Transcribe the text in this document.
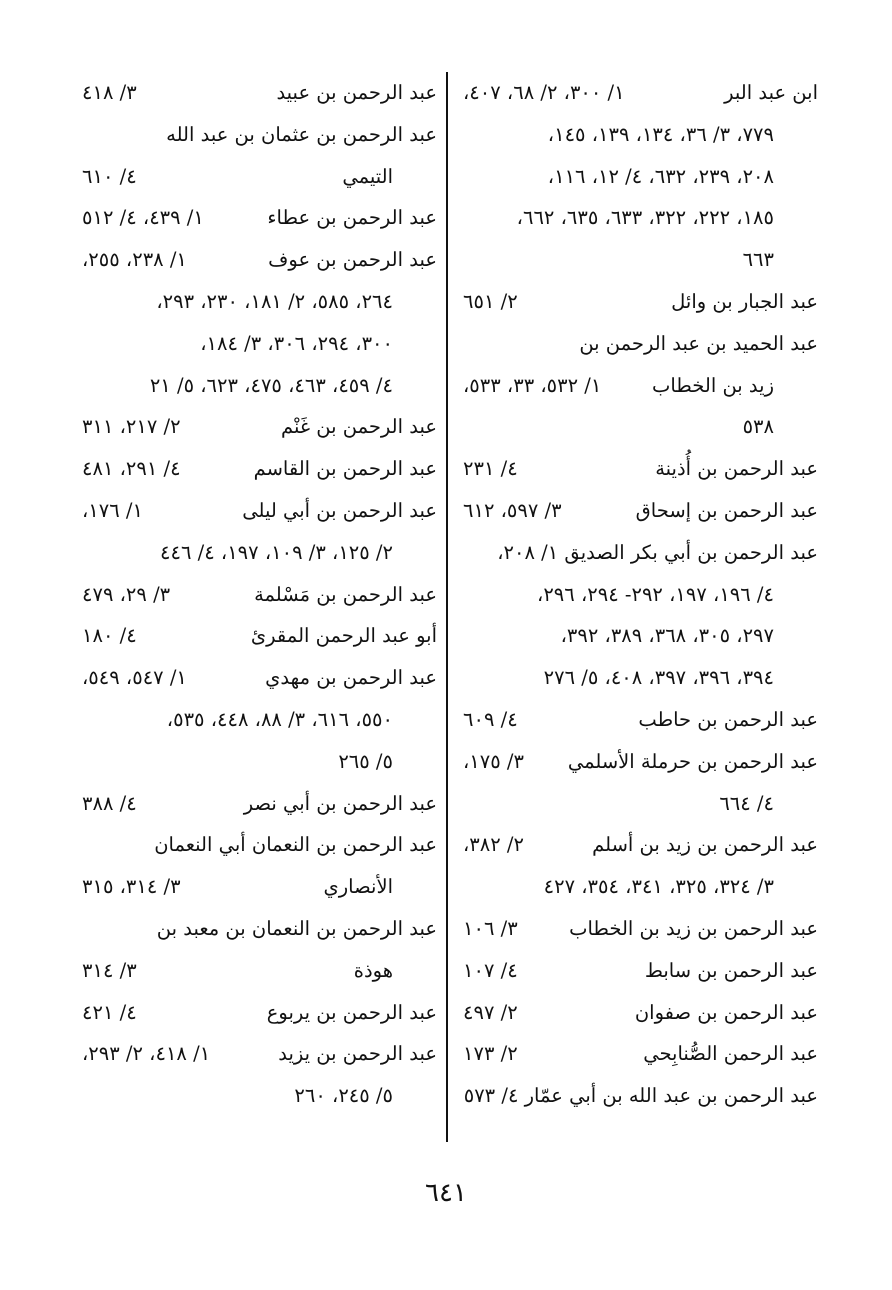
ابن عبد البر
١/ ٣٠٠، ٢/ ٦٨، ٤٠٧،
٧٧٩، ٣/ ٣٦، ١٣٤، ١٣٩، ١٤٥،
٢٠٨، ٢٣٩، ٦٣٢، ٤/ ١٢، ١١٦،
١٨٥، ٢٢٢، ٣٢٢، ٦٣٣، ٦٣٥، ٦٦٢،
٦٦٣
عبد الجبار بن وائل
٢/ ٦٥١
عبد الحميد بن عبد الرحمن بن
زيد بن الخطاب
١/ ٥٣٢، ٣٣، ٥٣٣،
٥٣٨
عبد الرحمن بن أُذينة
٤/ ٢٣١
عبد الرحمن بن إسحاق
٣/ ٥٩٧، ٦١٢
عبد الرحمن بن أبي بكر الصديق ١/ ٢٠٨،
٤/ ١٩٦، ١٩٧، ٢٩٢- ٢٩٤، ٢٩٦،
٢٩٧، ٣٠٥، ٣٦٨، ٣٨٩، ٣٩٢،
٣٩٤، ٣٩٦، ٣٩٧، ٤٠٨، ٥/ ٢٧٦
عبد الرحمن بن حاطب
٤/ ٦٠٩
عبد الرحمن بن حرملة الأسلمي
٣/ ١٧٥،
٤/ ٦٦٤
عبد الرحمن بن زيد بن أسلم
٢/ ٣٨٢،
٣/ ٣٢٤، ٣٢٥، ٣٤١، ٣٥٤، ٤٢٧
عبد الرحمن بن زيد بن الخطاب
٣/ ١٠٦
عبد الرحمن بن سابط
٤/ ١٠٧
عبد الرحمن بن صفوان
٢/ ٤٩٧
عبد الرحمن الصُّنابِحي
٢/ ١٧٣
عبد الرحمن بن عبد الله بن أبي عمّار ٤/ ٥٧٣
عبد الرحمن بن عبيد
٣/ ٤١٨
عبد الرحمن بن عثمان بن عبد الله
التيمي
٤/ ٦١٠
عبد الرحمن بن عطاء
١/ ٤٣٩، ٤/ ٥١٢
عبد الرحمن بن عوف
١/ ٢٣٨، ٢٥٥،
٢٦٤، ٥٨٥، ٢/ ١٨١، ٢٣٠، ٢٩٣،
٣٠٠، ٢٩٤، ٣٠٦، ٣/ ١٨٤،
٤/ ٤٥٩، ٤٦٣، ٤٧٥، ٦٢٣، ٥/ ٢١
عبد الرحمن بن غَنْم
٢/ ٢١٧، ٣١١
عبد الرحمن بن القاسم
٤/ ٢٩١، ٤٨١
عبد الرحمن بن أبي ليلى
١/ ١٧٦،
٢/ ١٢٥، ٣/ ١٠٩، ١٩٧، ٤/ ٤٤٦
عبد الرحمن بن مَسْلمة
٣/ ٢٩، ٤٧٩
أبو عبد الرحمن المقرئ
٤/ ١٨٠
عبد الرحمن بن مهدي
١/ ٥٤٧، ٥٤٩،
٥٥٠، ٦١٦، ٣/ ٨٨، ٤٤٨، ٥٣٥،
٥/ ٢٦٥
عبد الرحمن بن أبي نصر
٤/ ٣٨٨
عبد الرحمن بن النعمان أبي النعمان
الأنصاري
٣/ ٣١٤، ٣١٥
عبد الرحمن بن النعمان بن معبد بن
هوذة
٣/ ٣١٤
عبد الرحمن بن يربوع
٤/ ٤٢١
عبد الرحمن بن يزيد
١/ ٤١٨، ٢/ ٢٩٣،
٥/ ٢٤٥، ٢٦٠
٦٤١
